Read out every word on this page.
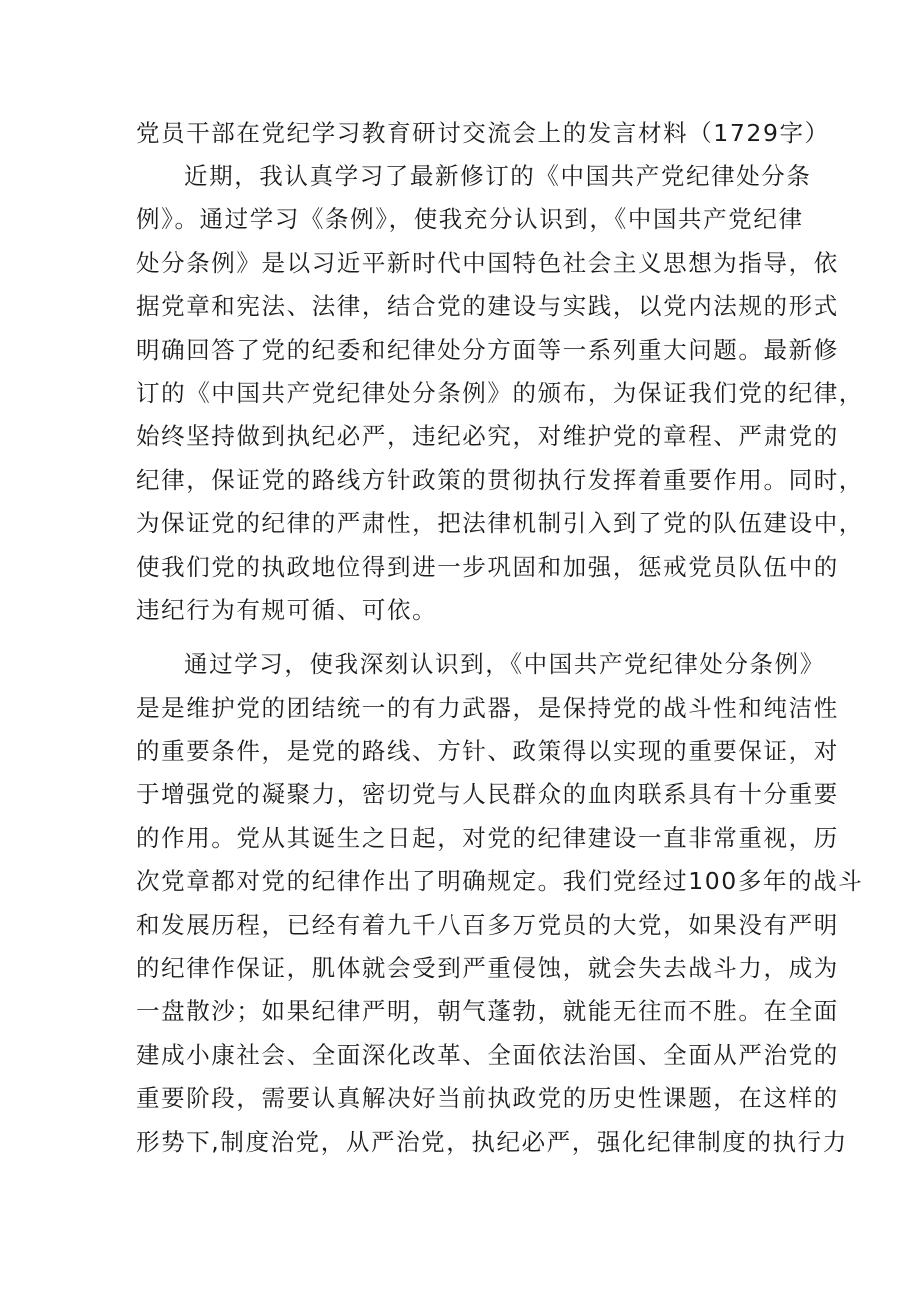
党员干部在党纪学习教育研讨交流会上的发言材料（1729字）
近期，我认真学习了最新修订的《中国共产党纪律处分条
例》。通过学习《条例》，使我充分认识到，《中国共产党纪律
处分条例》是以习近平新时代中国特色社会主义思想为指导，依
据党章和宪法、法律，结合党的建设与实践，以党内法规的形式
明确回答了党的纪委和纪律处分方面等一系列重大问题。最新修
订的《中国共产党纪律处分条例》的颁布，为保证我们党的纪律，
始终坚持做到执纪必严，违纪必究，对维护党的章程、严肃党的
纪律，保证党的路线方针政策的贯彻执行发挥着重要作用。同时，
为保证党的纪律的严肃性，把法律机制引入到了党的队伍建设中，
使我们党的执政地位得到进一步巩固和加强，惩戒党员队伍中的
违纪行为有规可循、可依。
通过学习，使我深刻认识到，《中国共产党纪律处分条例》
是是维护党的团结统一的有力武器，是保持党的战斗性和纯洁性
的重要条件，是党的路线、方针、政策得以实现的重要保证，对
于增强党的凝聚力，密切党与人民群众的血肉联系具有十分重要
的作用。党从其诞生之日起，对党的纪律建设一直非常重视，历
次党章都对党的纪律作出了明确规定。我们党经过100多年的战斗
和发展历程，已经有着九千八百多万党员的大党，如果没有严明
的纪律作保证，肌体就会受到严重侵蚀，就会失去战斗力，成为
一盘散沙；如果纪律严明，朝气蓬勃，就能无往而不胜。在全面
建成小康社会、全面深化改革、全面依法治国、全面从严治党的
重要阶段，需要认真解决好当前执政党的历史性课题，在这样的
形势下,制度治党，从严治党，执纪必严，强化纪律制度的执行力
